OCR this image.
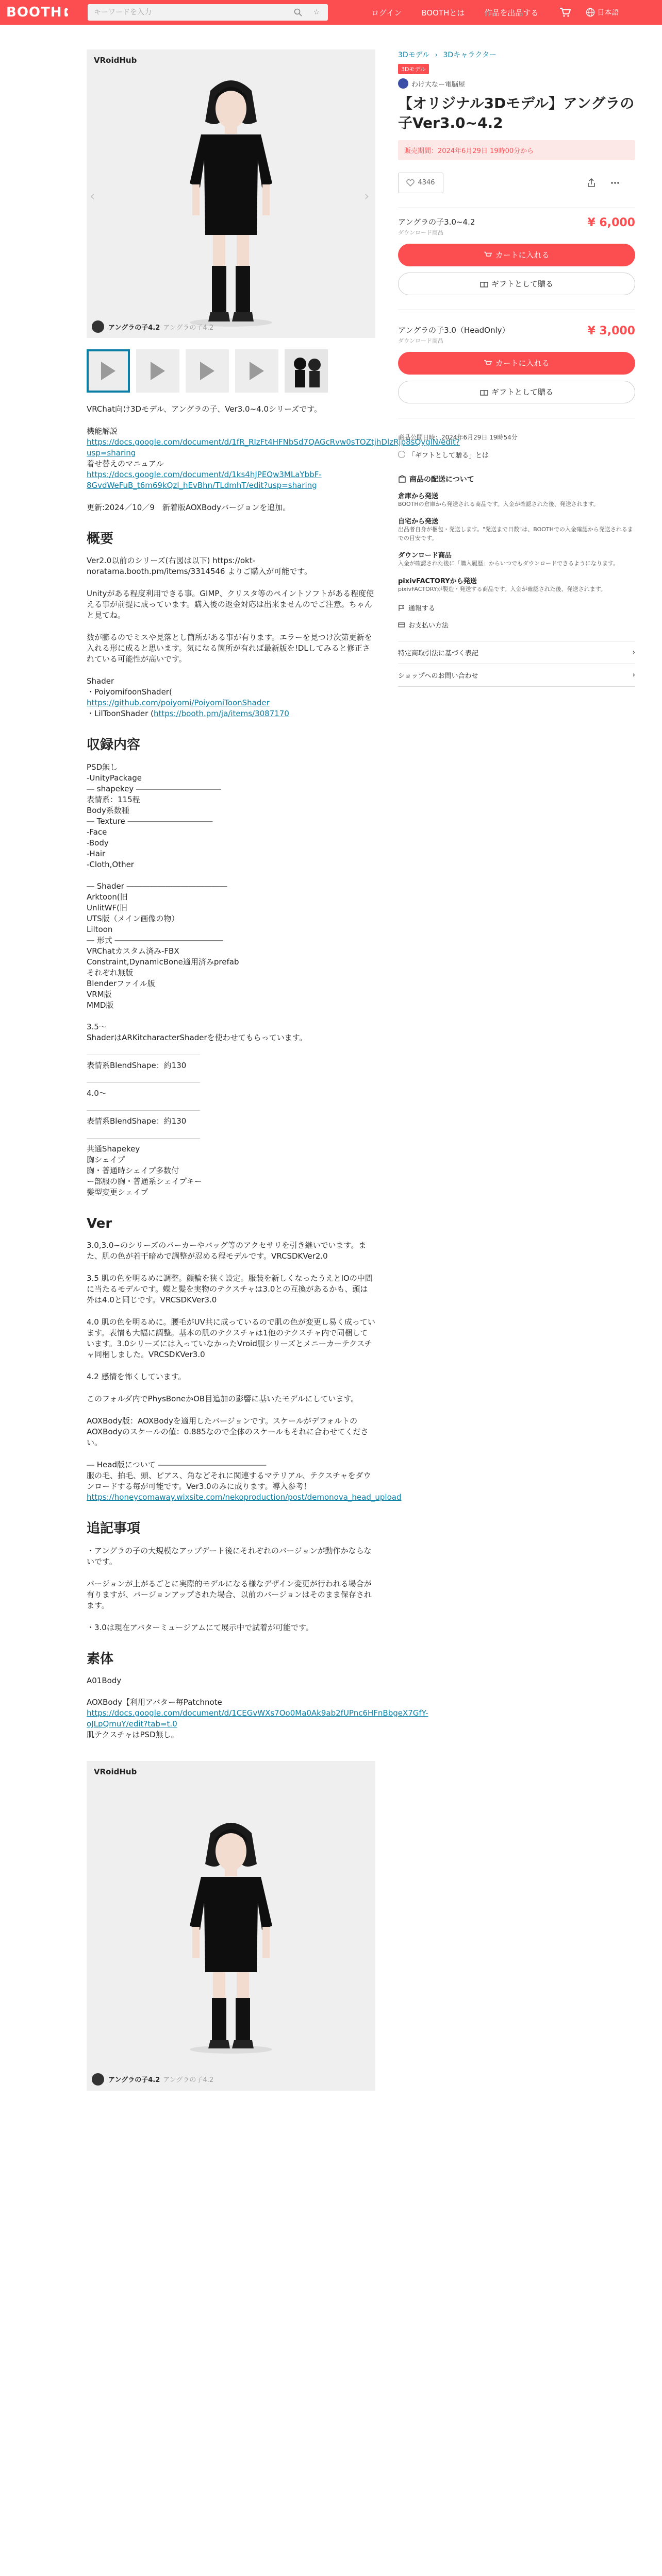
BOOTH
キーワードを入力	☆	ログイン	BOOTHとは	作品を出品する	日本語
VRoidHub
‹	›
アングラの子4.2 アングラの子4.2

VRChat向け3Dモデル、アングラの子、Ver3.0~4.0シリーズです。

機能解説
https://docs.google.com/document/d/1fR_RIzFt4HFNbSd7QAGcRvw0sTOZtjhDlzRjp8sQyglN/edit?usp=sharing
着せ替えのマニュアル
https://docs.google.com/document/d/1ks4hJPEQw3MLaYbbF-8GvdWeFuB_t6m69kQzl_hEvBhn/TLdmhT/edit?usp=sharing

更新:2024／10／9　新着版AOXBodyバージョンを追加。

概要

Ver2.0以前のシリーズ(右図は以下) https://okt-noratama.booth.pm/items/3314546 よりご購入が可能です。

Unityがある程度利用できる事。GIMP、クリスタ等のペイントソフトがある程度使える事が前提に成っています。購入後の返金対応は出来ませんのでご注意。ちゃんと見てね。

数が膨るのでミスや見落とし箇所がある事が有ります。エラーを見つけ次第更新を入れる形に成ると思います。気になる箇所が有れば最新版を!DLしてみると修正されている可能性が高いです。

Shader
・PoiyomifoonShader(
https://github.com/poiyomi/PoiyomiToonShader
・LilToonShader (https://booth.pm/ja/items/3087170
収録内容
PSD無し
-UnityPackage
― shapekey ―――――――――――
表情系：115程
Body系数種
― Texture ―――――――――――
-Face
-Body
-Hair
-Cloth,Other

― Shader ―――――――――――――
Arktoon(旧
UnlitWF(旧
UTS版（メイン画像の物）
Liltoon
― 形式 ――――――――――――――
VRChatカスタム済み-FBX
Constraint,DynamicBone適用済みprefab
それぞれ無版
Blenderファイル版
VRM版
MMD版

3.5～
ShaderはARKitcharacterShaderを使わせてもらっています。

表情系BlendShape：約130

4.0～

表情系BlendShape：約130

共通Shapekey
胸シェイプ
胸・普通時シェイプ多数付
ー部服の胸・普通系シェイプキー
髪型変更シェイプ
Ver

3.0,3.0~のシリーズのパーカーやバッグ等のアクセサリを引き継いでいます。また、肌の色が若干暗めで調整が忍める程モデルです。VRCSDKVer2.0

3.5 肌の色を明るめに調整。顔輪を狭く設定。服装を新しくなったうえとIOの中間に当たるモデルです。蝶と髪を実物のテクスチャは3.0との互換があるかも、頭は外は4.0と同じです。VRCSDKVer3.0

4.0 肌の色を明るめに。腰毛がUV共に成っているので肌の色が変更し易く成っています。表情も大幅に調整。基本の肌のテクスチャは1他のテクスチャ内で同梱しています。3.0シリーズには入っていなかったVroid服シリーズとメニーカーテクスチャ同梱しました。VRCSDKVer3.0

4.2 感情を怖くしています。

このフォルダ内でPhysBoneかOB目追加の影響に基いたモデルにしています。

AOXBody版：AOXBodyを適用したバージョンです。スケールがデフォルトのAOXBodyのスケールの値：0.885なので全体のスケールもそれに合わせてください。

― Head版について ――――――――――――――
服の毛、拍毛、頭、ピアス、角などそれに関連するマテリアル、テクスチャをダウンロードする毎が可能です。Ver3.0のみに成ります。導入参考！

https://honeycomaway.wixsite.com/nekoproduction/post/demonova_head_upload
追記事項

・アングラの子の大規模なアップデート後にそれぞれのバージョンが動作かならないです。

バージョンが上がるごとに実際的モデルになる様なデザイン変更が行われる場合が有りますが、バージョンアップされた場合、以前のバージョンはそのまま保存されます。

・3.0は現在アバターミュージアムにて展示中で試着が可能です。

素体
A01Body

AOXBody【利用アバター毎Patchnote
https://docs.google.com/document/d/1CEGvWXs7Oo0Ma0Ak9ab2fUPnc6HFnBbgeX7GfY-oJLpQmuY/edit?tab=t.0
肌テクスチャはPSD無し。
VRoidHub
アングラの子4.2 アングラの子4.2
3Dモデル › 3Dキャラクター
3Dモデル
わけ大なー電脳屋
【オリジナル3Dモデル】アングラの子Ver3.0~4.2
販売期間：2024年6月29日 19時00分から
4346
アングラの子3.0~4.2
ダウンロード商品
¥ 6,000
カートに入れる
ギフトとして贈る
アングラの子3.0（HeadOnly）
ダウンロード商品
¥ 3,000
カートに入れる
ギフトとして贈る
商品公開日時：2024年6月29日 19時54分
「ギフトとして贈る」とは
商品の配送について
倉庫から発送
BOOTHの倉庫から発送される商品です。入金が確認された後、発送されます。
自宅から発送
出品者自身が梱包・発送します。"発送まで日数"は、BOOTHでの入金確認から発送されるまでの目安です。
ダウンロード商品
入金が確認された後に「購入履歴」からいつでもダウンロードできるようになります。
pixivFACTORYから発送
pixivFACTORYが製造・発送する商品です。入金が確認された後、発送されます。
通報する
お支払い方法
特定商取引法に基づく表記	›
ショップへのお問い合わせ	›
